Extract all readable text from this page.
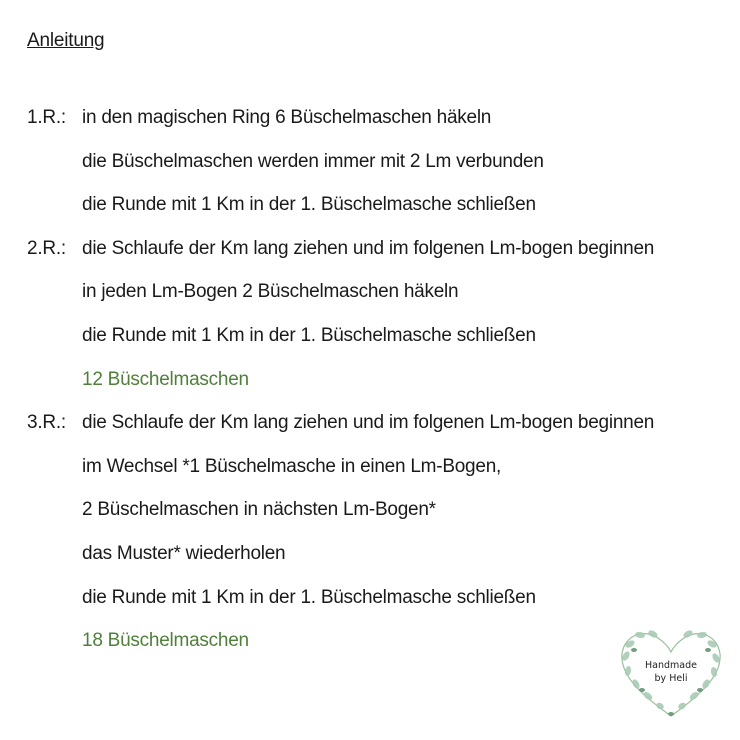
Anleitung
1.R.: in den magischen Ring 6 Büschelmaschen häkeln
die Büschelmaschen werden immer mit 2 Lm verbunden
die Runde mit 1 Km in der 1. Büschelmasche schließen
2.R.: die Schlaufe der Km lang ziehen und im folgenen Lm-bogen beginnen
in jeden Lm-Bogen 2 Büschelmaschen häkeln
die Runde mit 1 Km in der 1. Büschelmasche schließen
12 Büschelmaschen
3.R.: die Schlaufe der Km lang ziehen und im folgenen Lm-bogen beginnen
im Wechsel *1 Büschelmasche in einen Lm-Bogen,
2 Büschelmaschen in nächsten Lm-Bogen*
das Muster* wiederholen
die Runde mit 1 Km in der 1. Büschelmasche schließen
18 Büschelmaschen
Handmade
by Heli
